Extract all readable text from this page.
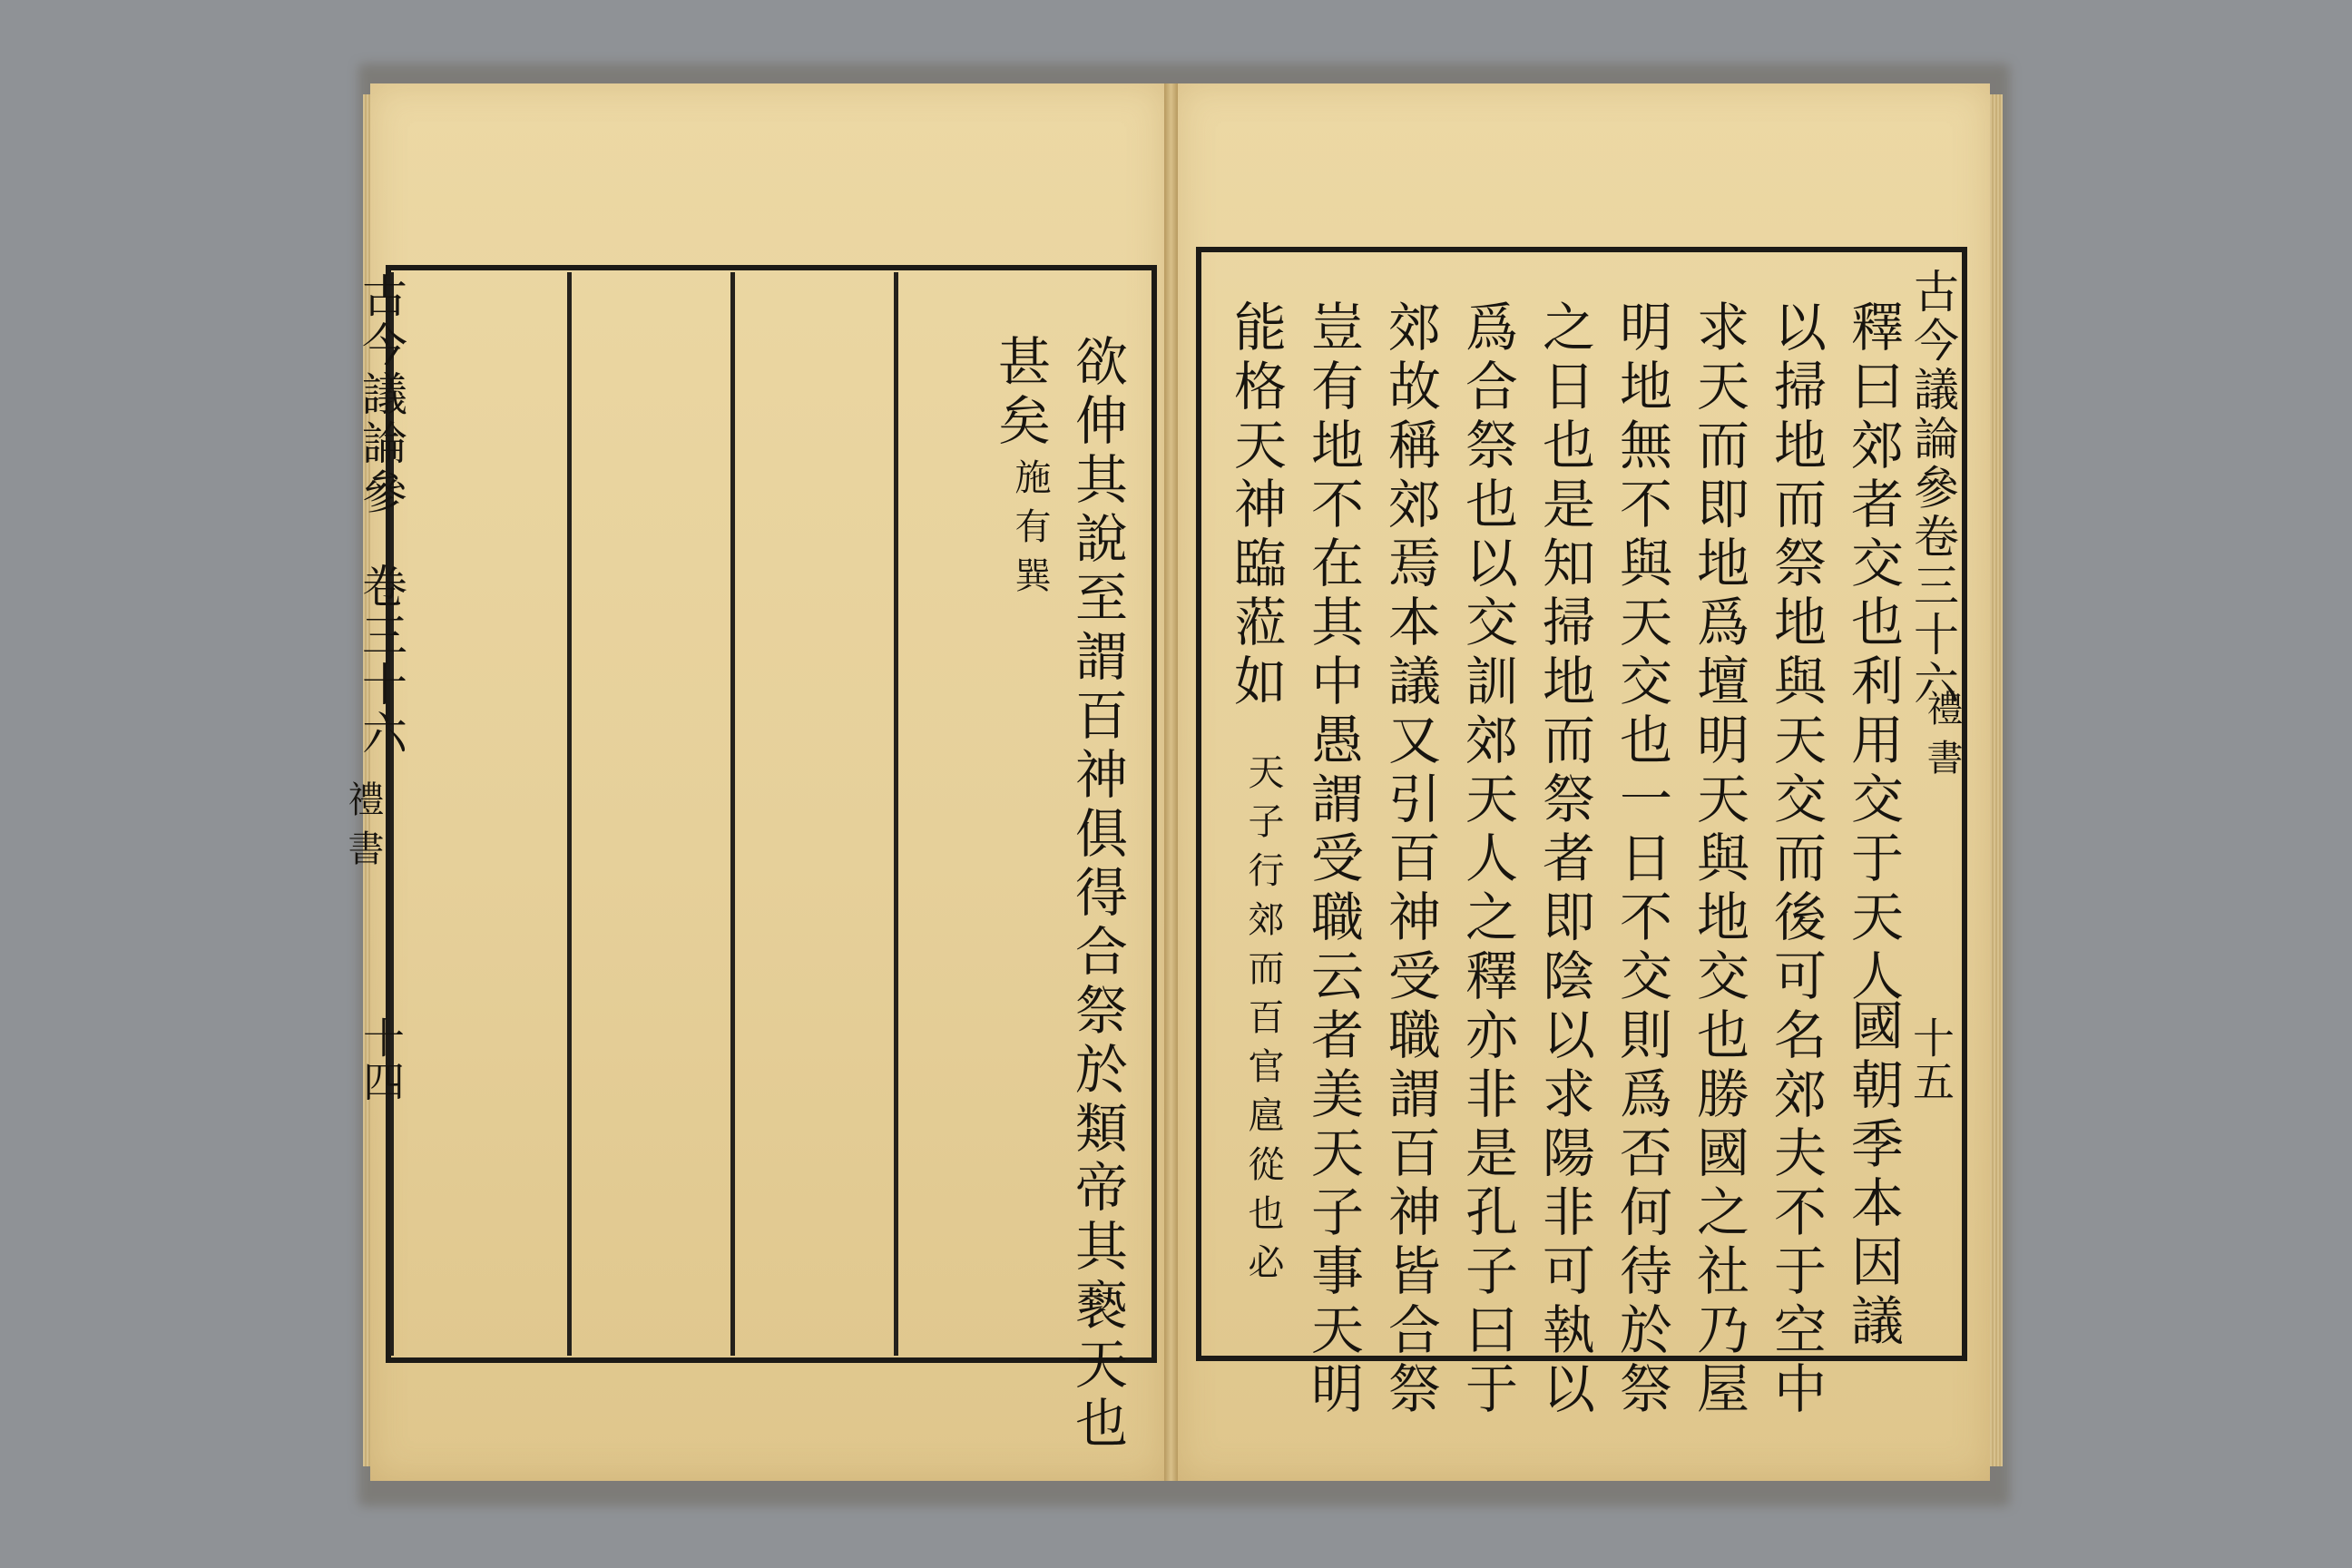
古今議論參
卷三十六
禮書
十四	欲伸其說至謂百神俱得合祭於類帝其褻天也
甚矣
施有巽	古今議論參卷三十六
禮書
十五
釋曰郊者交也利用交于天人
國朝季本因議
以掃地而祭地與天交而後可名郊夫不于空中
求天而即地爲壇明天與地交也勝國之社乃屋
明地無不與天交也一日不交則爲否何待於祭
之日也是知掃地而祭者即陰以求陽非可執以
爲合祭也以交訓郊天人之釋亦非是孔子曰于
郊故稱郊焉本議又引百神受職謂百神皆合祭
豈有地不在其中愚謂受職云者美天子事天明
能格天神臨蒞如
天子行郊而百官扈從也必
